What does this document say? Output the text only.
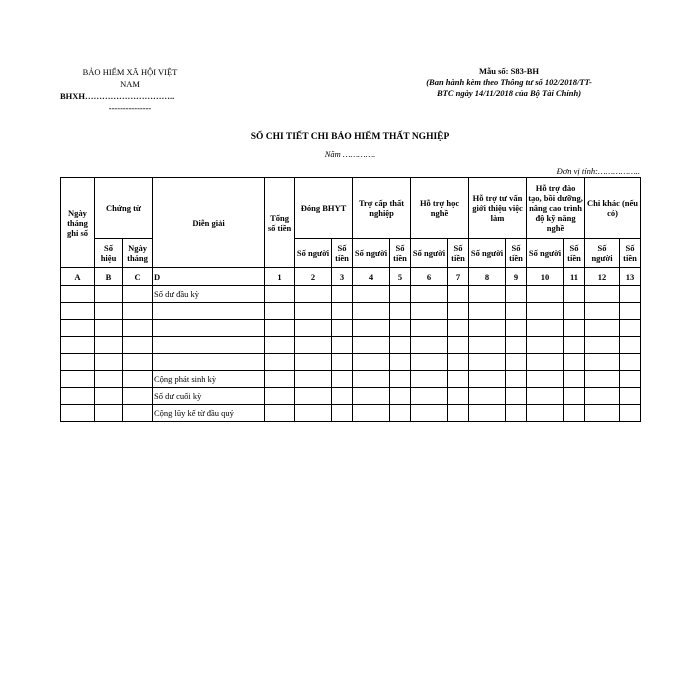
BẢO HIỂM XÃ HỘI VIỆT
NAM
BHXH…………………………..
---------------
Mẫu số: S83-BH
(Ban hành kèm theo Thông tư số 102/2018/TT-
BTC ngày 14/11/2018 của Bộ Tài Chính)
SỔ CHI TIẾT CHI BẢO HIỂM THẤT NGHIỆP
Năm ………….
Đơn vị tính:……………..
Ngày tháng ghi sổ	Chứng từ		Diễn giải	Tổng số tiền	Đóng BHYT		Trợ cấp thất nghiệp		Hỗ trợ học nghề		Hỗ trợ tư vấn giới thiệu việc làm		Hỗ trợ đào tạo, bồi dưỡng, nâng cao trình độ kỹ năng nghề		Chi khác (nếu có)	
	Số hiệu	Ngày tháng			Số người	Số tiền	Số người	Số tiền	Số người	Số tiền	Số người	Số tiền	Số người	Số tiền	Số người	Số tiền
A	B	C	D	1	2	3	4	5	6	7	8	9	10	11	12	13
			Số dư đầu kỳ													

			Cộng phát sinh kỳ													
			Số dư cuối kỳ													
			Cộng lũy kế từ đầu quý													
